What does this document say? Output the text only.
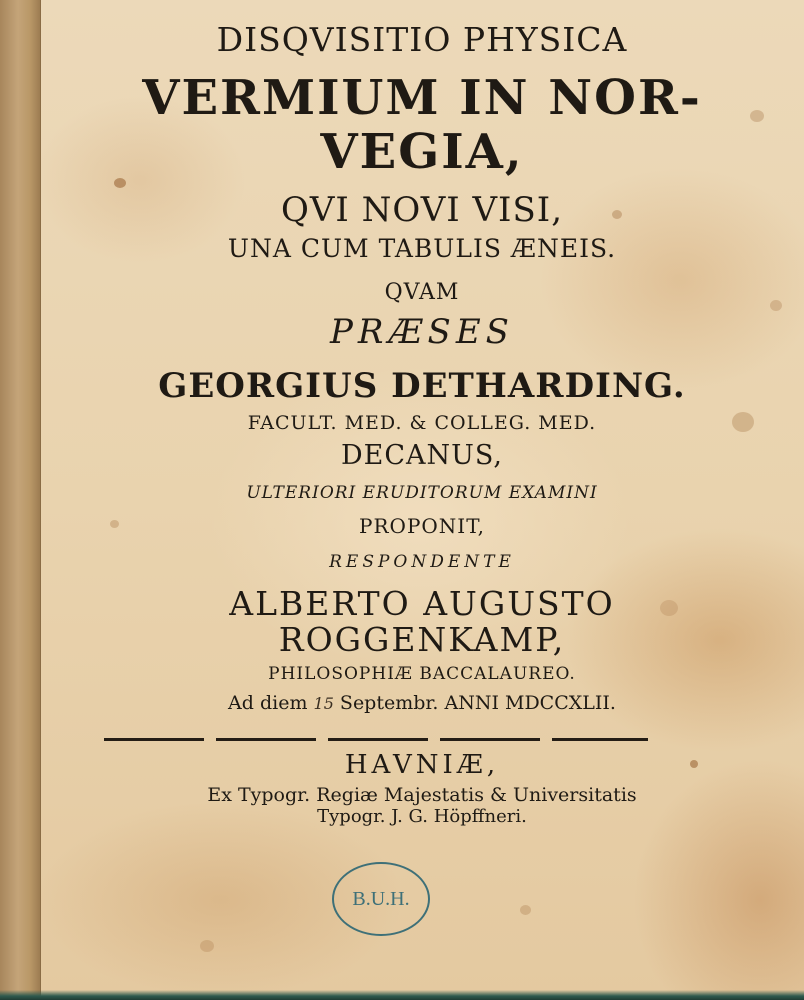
DISQVISITIO PHYSICA

VERMIUM IN NOR-

VEGIA,

QVI NOVI VISI,

UNA CUM TABULIS ÆNEIS.

QVAM

PRÆSES

GEORGIUS DETHARDING.

FACULT. MED. & COLLEG. MED.

DECANUS,

ULTERIORI ERUDITORUM EXAMINI

PROPONIT,

RESPONDENTE

ALBERTO AUGUSTO

ROGGENKAMP,

PHILOSOPHIÆ BACCALAUREO.

Ad diem 15 Septembr. ANNI MDCCXLII.

HAVNIÆ,

Ex Typogr. Regiæ Majestatis & Universitatis

Typogr. J. G. Höpffneri.

B.U.H.
